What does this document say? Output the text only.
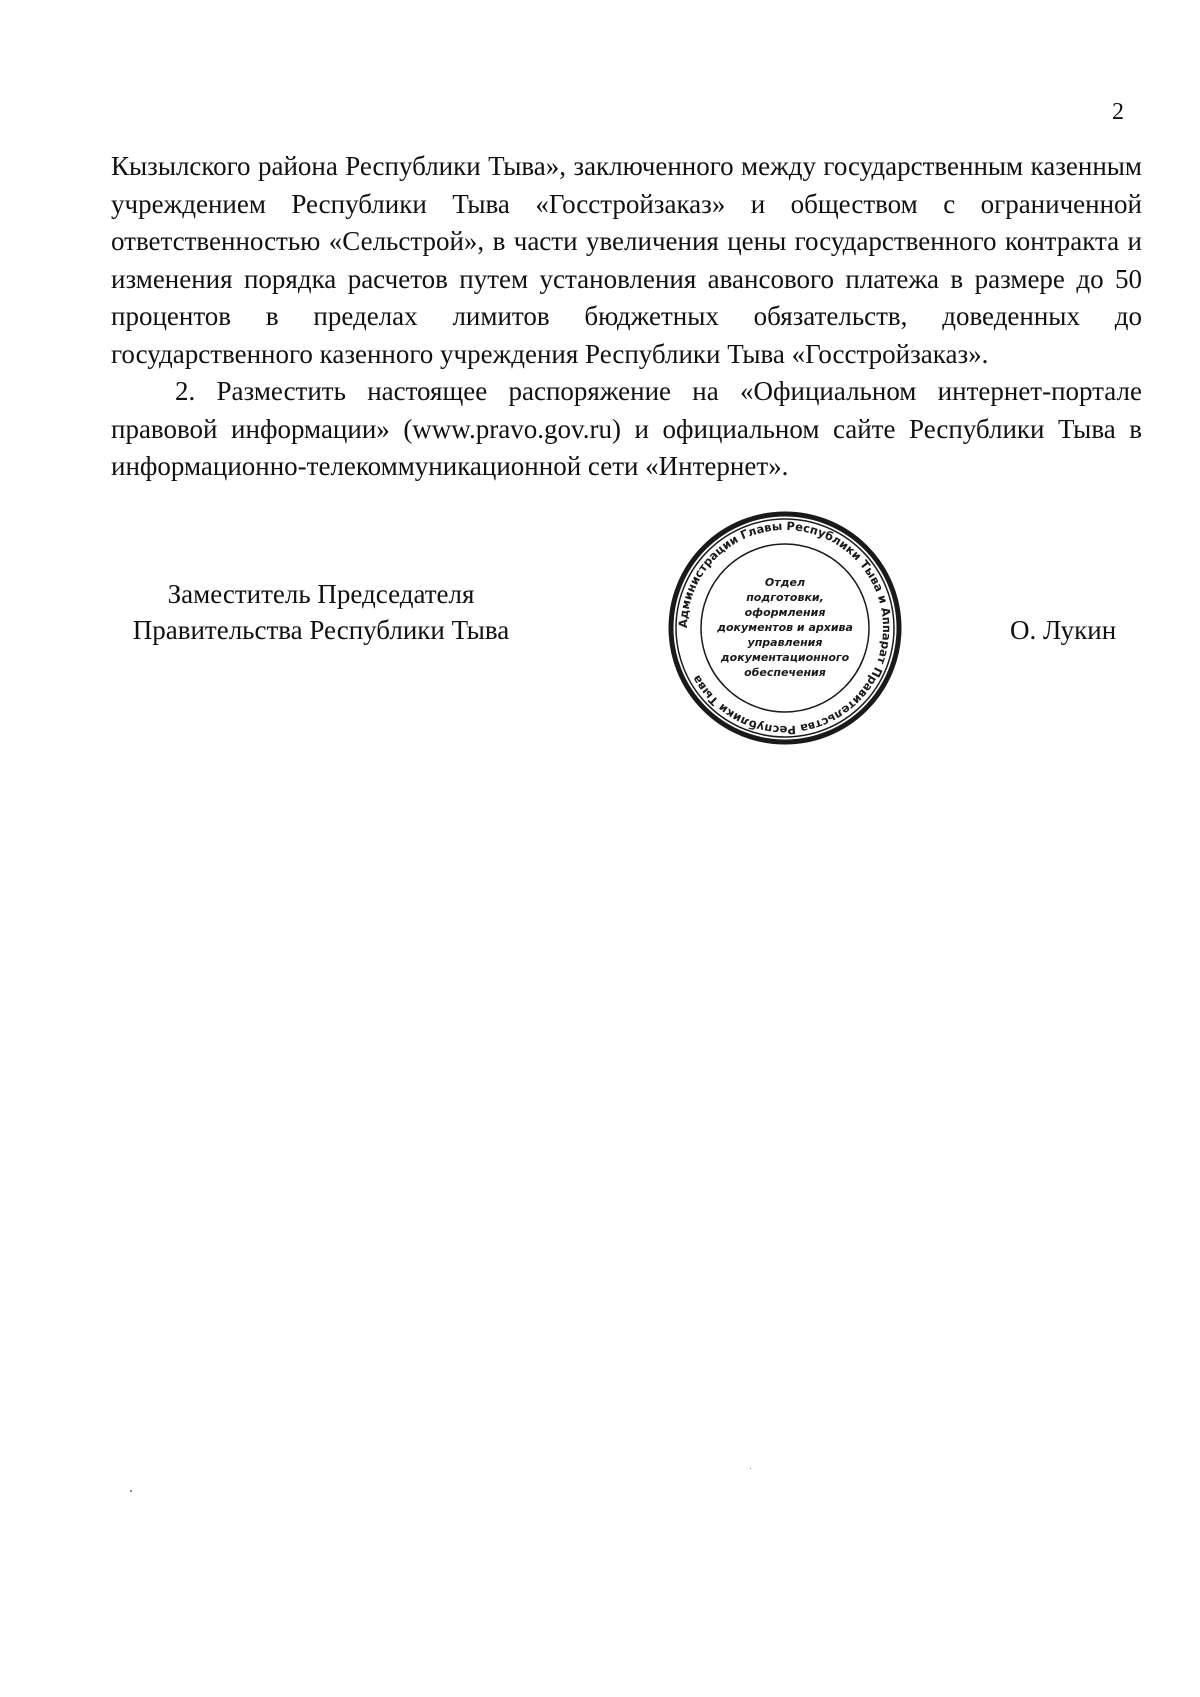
2

Кызылского района Республики Тыва», заключенного между государственным казенным учреждением Республики Тыва «Госстройзаказ» и обществом с ограниченной ответственностью «Сельстрой», в части увеличения цены государственного контракта и изменения порядка расчетов путем установления авансового платежа в размере до 50 процентов в пределах лимитов бюджетных обязательств, доведенных до государственного казенного учреждения Республики Тыва «Госстройзаказ».

2. Разместить настоящее распоряжение на «Официальном интернет-портале правовой информации» (www.pravo.gov.ru) и официальном сайте Республики Тыва в информационно-телекоммуникационной сети «Интернет».

Заместитель Председателя
Правительства Республики Тыва	О. Лукин
Администрации Главы Республики Тыва и Аппарат Правительства Республики Тыва
Отдел
подготовки,
оформления
документов и архива
управления
документационного
обеспечения
